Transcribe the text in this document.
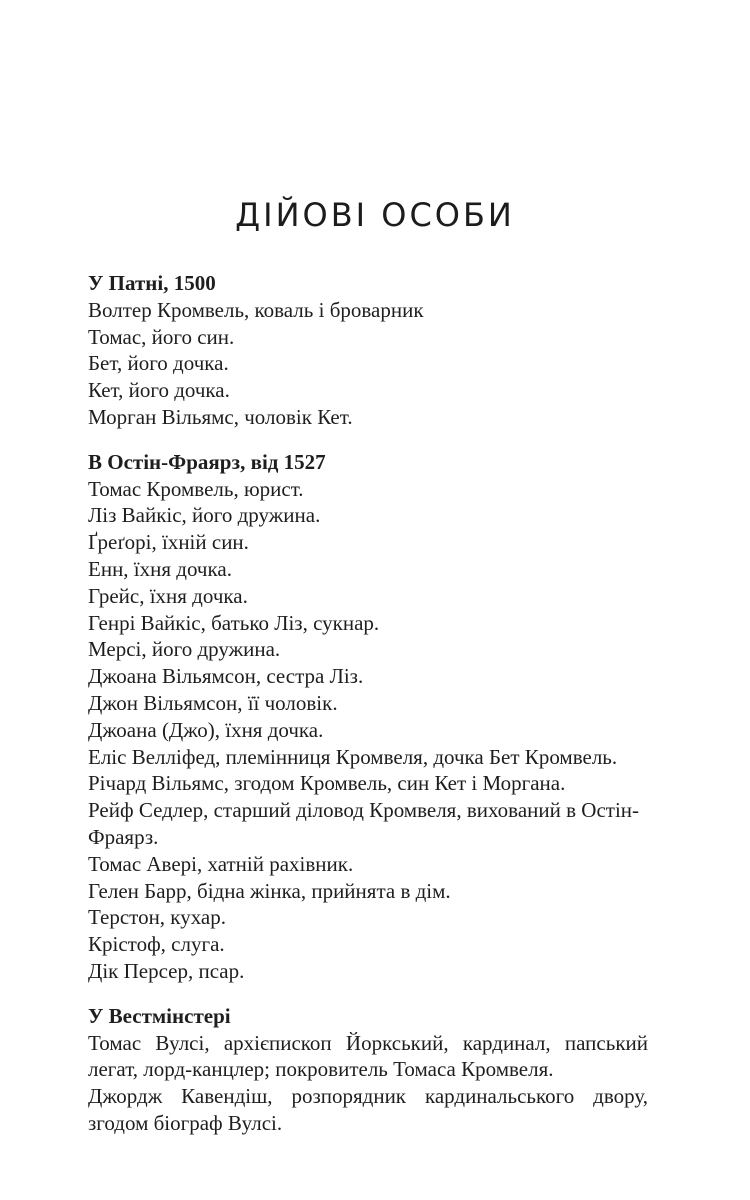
ДІЙОВІ ОСОБИ
У Патні, 1500
Волтер Кромвель, коваль і броварник
Томас, його син.
Бет, його дочка.
Кет, його дочка.
Морган Вільямс, чоловік Кет.
В Остін-Фраярз, від 1527
Томас Кромвель, юрист.
Ліз Вайкіс, його дружина.
Ґреґорі, їхній син.
Енн, їхня дочка.
Грейс, їхня дочка.
Генрі Вайкіс, батько Ліз, сукнар.
Мерсі, його дружина.
Джоана Вільямсон, сестра Ліз.
Джон Вільямсон, її чоловік.
Джоана (Джо), їхня дочка.
Еліс Велліфед, племінниця Кромвеля, дочка Бет Кромвель.
Річард Вільямс, згодом Кромвель, син Кет і Моргана.
Рейф Седлер, старший діловод Кромвеля, вихований в Остін-Фраярз.
Томас Аверi, хатній рахівник.
Гелен Барр, бідна жінка, прийнята в дім.
Терстон, кухар.
Крістоф, слуга.
Дік Персер, псар.
У Вестмінстері
Томас Вулсі, архієпископ Йоркський, кардинал, папський легат, лорд-канцлер; покровитель Томаса Кромвеля.
Джордж Кавендіш, розпорядник кардинальського двору, згодом біограф Вулсі.
